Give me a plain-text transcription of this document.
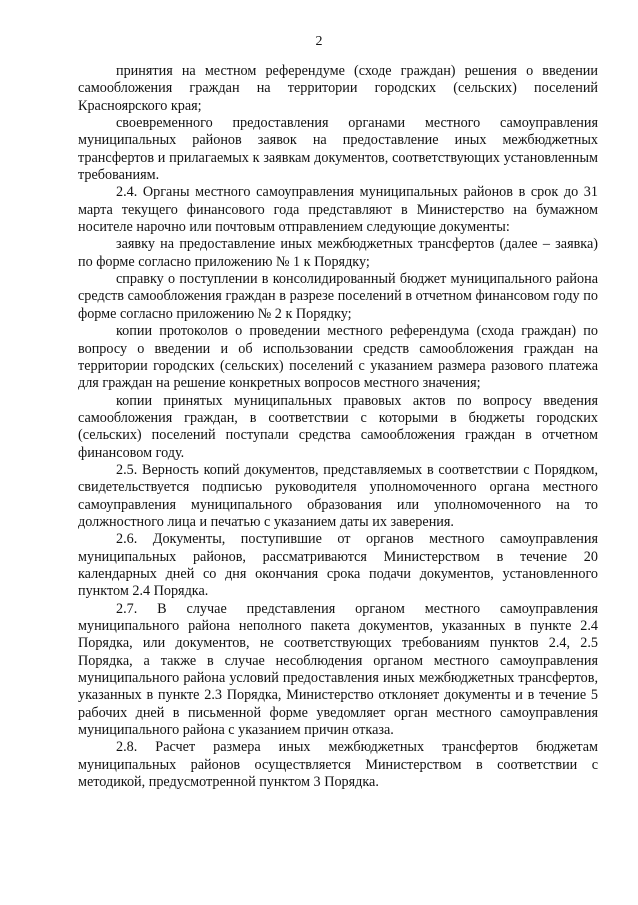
2

принятия на местном референдуме (сходе граждан) решения о введении самообложения граждан на территории городских (сельских) поселений Красноярского края;

своевременного предоставления органами местного самоуправления муниципальных районов заявок на предоставление иных межбюджетных трансфертов и прилагаемых к заявкам документов, соответствующих установленным требованиям.

2.4. Органы местного самоуправления муниципальных районов в срок до 31 марта текущего финансового года представляют в Министерство на бумажном носителе нарочно или почтовым отправлением следующие документы:

заявку на предоставление иных межбюджетных трансфертов (далее – заявка) по форме согласно приложению № 1 к Порядку;

справку о поступлении в консолидированный бюджет муниципального района средств самообложения граждан в разрезе поселений в отчетном финансовом году по форме согласно приложению № 2 к Порядку;

копии протоколов о проведении местного референдума (схода граждан) по вопросу о введении и об использовании средств самообложения граждан на территории городских (сельских) поселений с указанием размера разового платежа для граждан на решение конкретных вопросов местного значения;

копии принятых муниципальных правовых актов по вопросу введения самообложения граждан, в соответствии с которыми в бюджеты городских (сельских) поселений поступали средства самообложения граждан в отчетном финансовом году.

2.5. Верность копий документов, представляемых в соответствии с Порядком, свидетельствуется подписью руководителя уполномоченного органа местного самоуправления муниципального образования или уполномоченного на то должностного лица и печатью с указанием даты их заверения.

2.6. Документы, поступившие от органов местного самоуправления муниципальных районов, рассматриваются Министерством в течение 20 календарных дней со дня окончания срока подачи документов, установленного пунктом 2.4 Порядка.

2.7. В случае представления органом местного самоуправления муниципального района неполного пакета документов, указанных в пункте 2.4 Порядка, или документов, не соответствующих требованиям пунктов 2.4, 2.5 Порядка, а также в случае несоблюдения органом местного самоуправления муниципального района условий предоставления иных межбюджетных трансфертов, указанных в пункте 2.3 Порядка, Министерство отклоняет документы и в течение 5 рабочих дней в письменной форме уведомляет орган местного самоуправления муниципального района с указанием причин отказа.

2.8. Расчет размера иных межбюджетных трансфертов бюджетам муниципальных районов осуществляется Министерством в соответствии с методикой, предусмотренной пунктом 3 Порядка.
